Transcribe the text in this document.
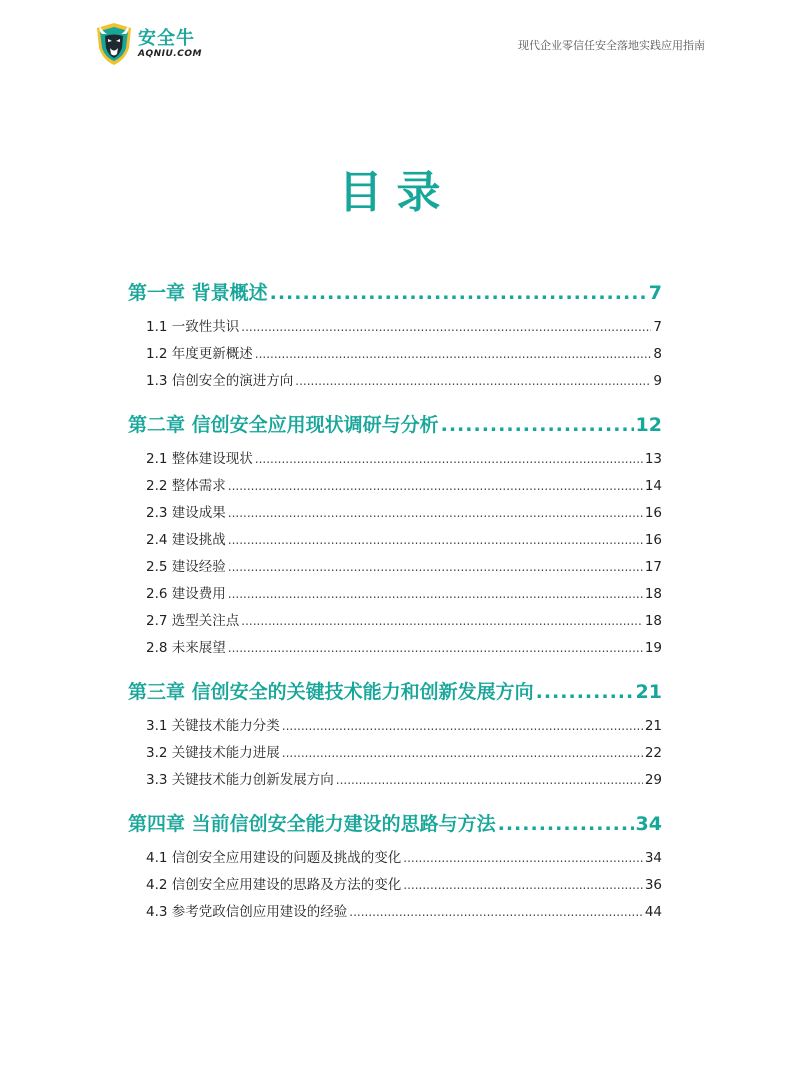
安全牛
AQNIU.COM
现代企业零信任安全落地实践应用指南
目录
第一章 背景概述 .....	7
1.1 一致性共识 .....	7
1.2 年度更新概述 .....	8
1.3 信创安全的演进方向 .....	9
第二章 信创安全应用现状调研与分析 .....	12
2.1 整体建设现状 .....	13
2.2 整体需求 .....	14
2.3 建设成果 .....	16
2.4 建设挑战 .....	16
2.5 建设经验 .....	17
2.6 建设费用 .....	18
2.7 选型关注点 .....	18
2.8 未来展望 .....	19
第三章 信创安全的关键技术能力和创新发展方向 .....	21
3.1 关键技术能力分类 .....	21
3.2 关键技术能力进展 .....	22
3.3 关键技术能力创新发展方向 .....	29
第四章 当前信创安全能力建设的思路与方法 .....	34
4.1 信创安全应用建设的问题及挑战的变化 .....	34
4.2 信创安全应用建设的思路及方法的变化 .....	36
4.3 参考党政信创应用建设的经验 .....	44
